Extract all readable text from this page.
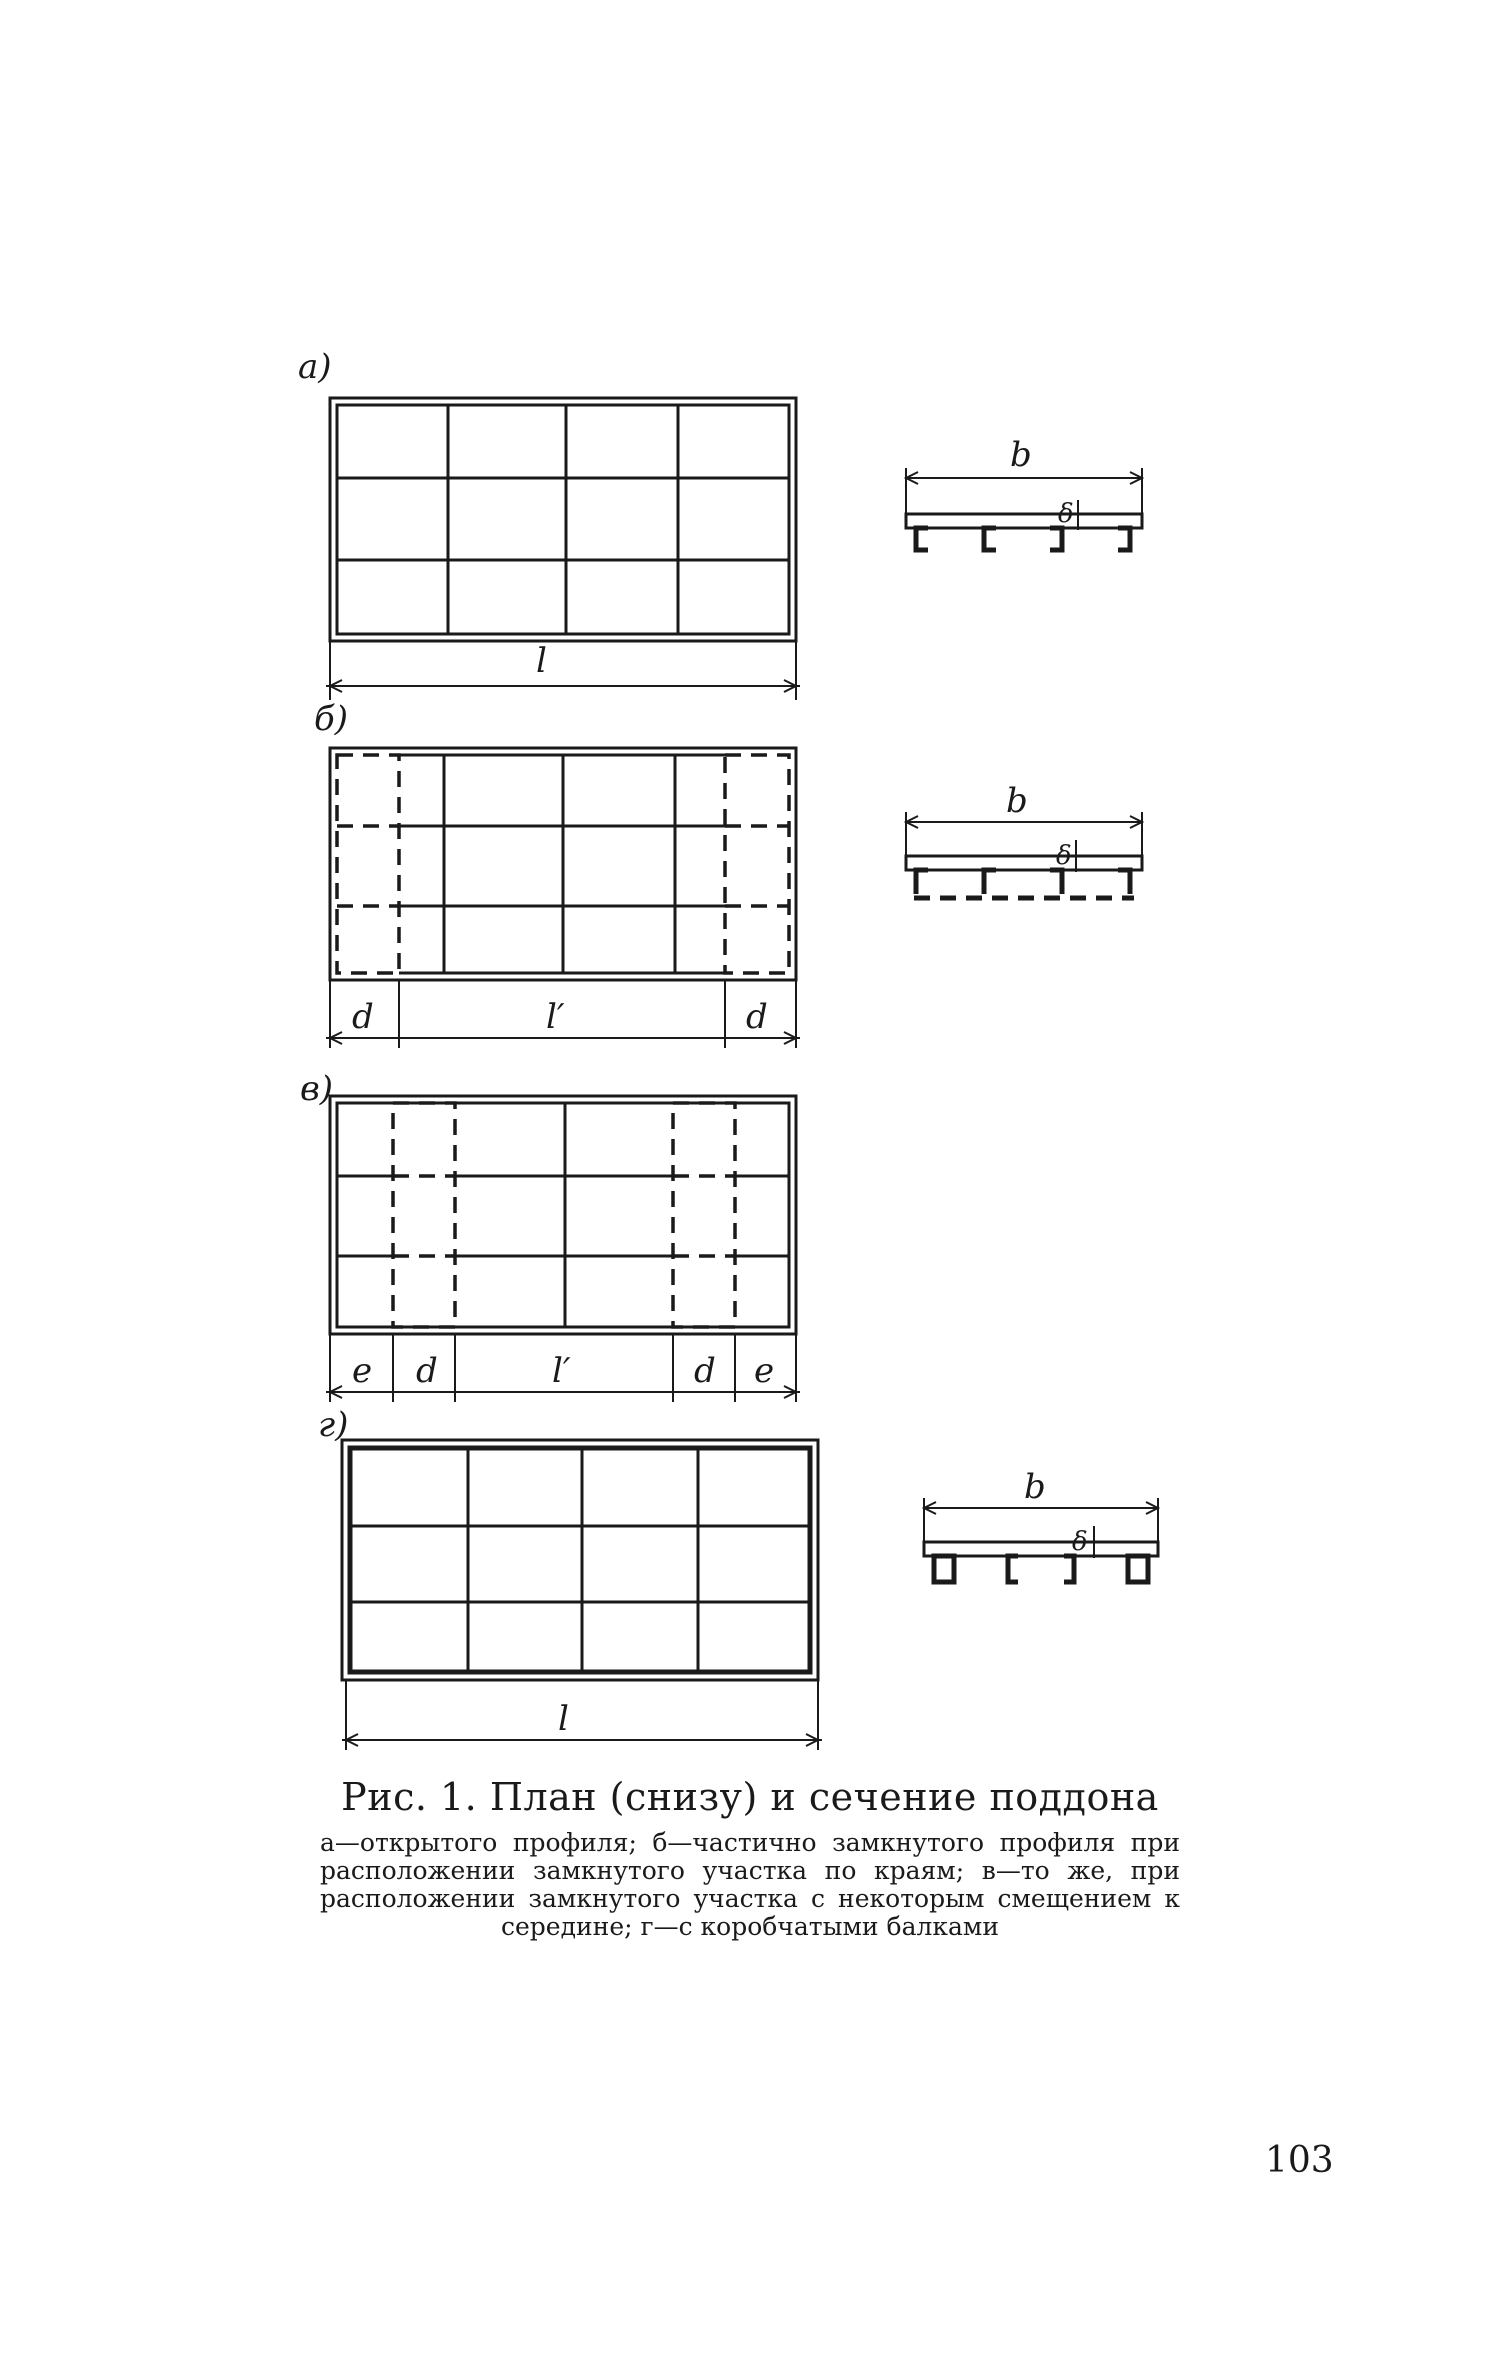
а)
l
b
δ
б)
d	l′	d
b
δ
в)
e d	l′	d e
г)
l
b
δ

Рис. 1. План (снизу) и сечение поддона

а—открытого профиля; б—частично замкнутого профиля при расположении замкнутого участка по краям; в—то же, при расположении замкнутого участка с некоторым смещением к середине; г—с коробчатыми балками

103
